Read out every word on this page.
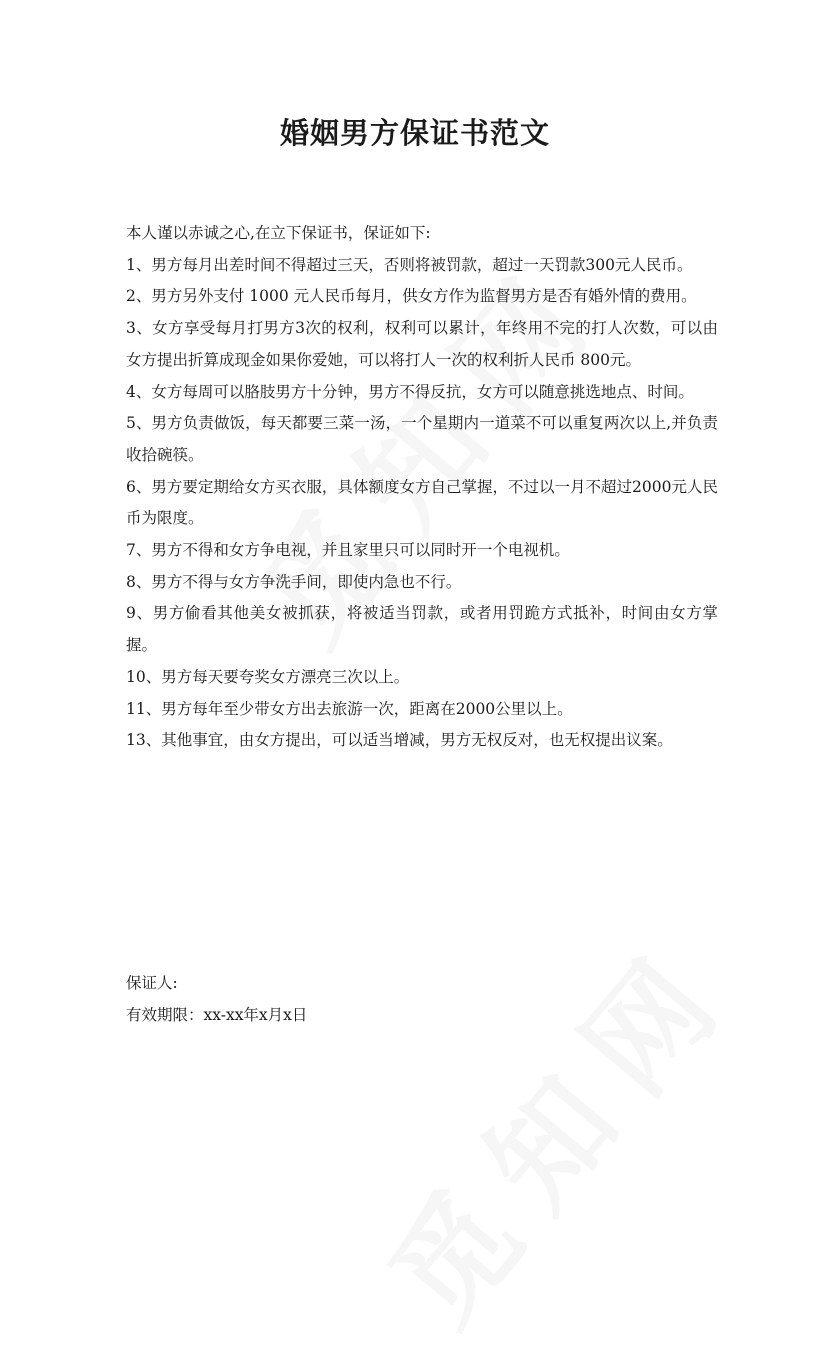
婚姻男方保证书范文

本人谨以赤诚之心,在立下保证书，保证如下:

1、男方每月出差时间不得超过三天，否则将被罚款，超过一天罚款300元人民币。

2、男方另外支付 1000 元人民币每月，供女方作为监督男方是否有婚外情的费用。

3、女方享受每月打男方3次的权利，权利可以累计，年终用不完的打人次数，可以由女方提出折算成现金如果你爱她，可以将打人一次的权利折人民币 800元。

4、女方每周可以胳肢男方十分钟，男方不得反抗，女方可以随意挑选地点、时间。

5、男方负责做饭，每天都要三菜一汤，一个星期内一道菜不可以重复两次以上,并负责收拾碗筷。

6、男方要定期给女方买衣服，具体额度女方自己掌握，不过以一月不超过2000元人民币为限度。

7、男方不得和女方争电视，并且家里只可以同时开一个电视机。

8、男方不得与女方争洗手间，即使内急也不行。

9、男方偷看其他美女被抓获，将被适当罚款，或者用罚跪方式抵补，时间由女方掌握。

10、男方每天要夸奖女方漂亮三次以上。

11、男方每年至少带女方出去旅游一次，距离在2000公里以上。

13、其他事宜，由女方提出，可以适当增减，男方无权反对，也无权提出议案。

保证人:

有效期限：xx-xx年x月x日
